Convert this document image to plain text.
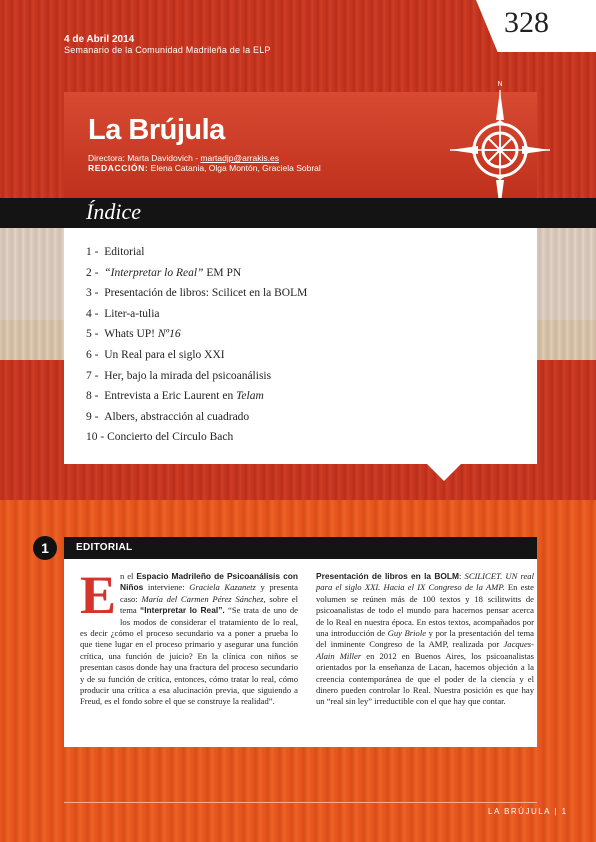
328
4 de Abril 2014
Semanario de la Comunidad Madrileña de la ELP
La Brújula
Directora: Marta Davidovich - martadjp@arrakis.es
REDACCIÓN: Elena Catania, Olga Montón, Graciela Sobral
N
Índice
1 - Editorial
2 - “Interpretar lo Real” EM PN
3 - Presentación de libros: Scilicet en la BOLM
4 - Liter-a-tulia
5 - Whats UP! Nº16
6 - Un Real para el siglo XXI
7 - Her, bajo la mirada del psicoanálisis
8 - Entrevista a Eric Laurent en Telam
9 - Albers, abstracción al cuadrado
10 - Concierto del Circulo Bach
1	EDITORIAL
En el Espacio Madrileño de Psicoanálisis con Niños interviene: Graciela Kazanetz y presenta caso: María del Carmen Pérez Sánchez, sobre el tema “Interpretar lo Real”. “Se trata de uno de los modos de considerar el tratamiento de lo real, es decir ¿cómo el proceso secundario va a poner a prueba lo que tiene lugar en el proceso primario y asegurar una función crítica, una función de juicio? En la clínica con niños se presentan casos donde hay una fractura del proceso secundario y de su función de crítica, entonces, cómo tratar lo real, cómo producir una crítica a esa alucinación previa, que siguiendo a Freud, es el fondo sobre el que se construye la realidad”.
Presentación de libros en la BOLM: SCILICET. UN real para el siglo XXI. Hacia el IX Congreso de la AMP. En este volumen se reúnen más de 100 textos y 18 scilitwitts de psicoanalistas de todo el mundo para hacernos pensar acerca de lo Real en nuestra época. En estos textos, acompañados por una introducción de Guy Briole y por la presentación del tema del inminente Congreso de la AMP, realizada por Jacques-Alain Miller en 2012 en Buenos Aires, los psicoanalistas orientados por la enseñanza de Lacan, hacemos objeción a la creencia contemporánea de que el poder de la ciencia y el dinero pueden controlar lo Real. Nuestra posición es que hay un “real sin ley” irreductible con el que hay que contar.
LA BRÚJULA | 1
